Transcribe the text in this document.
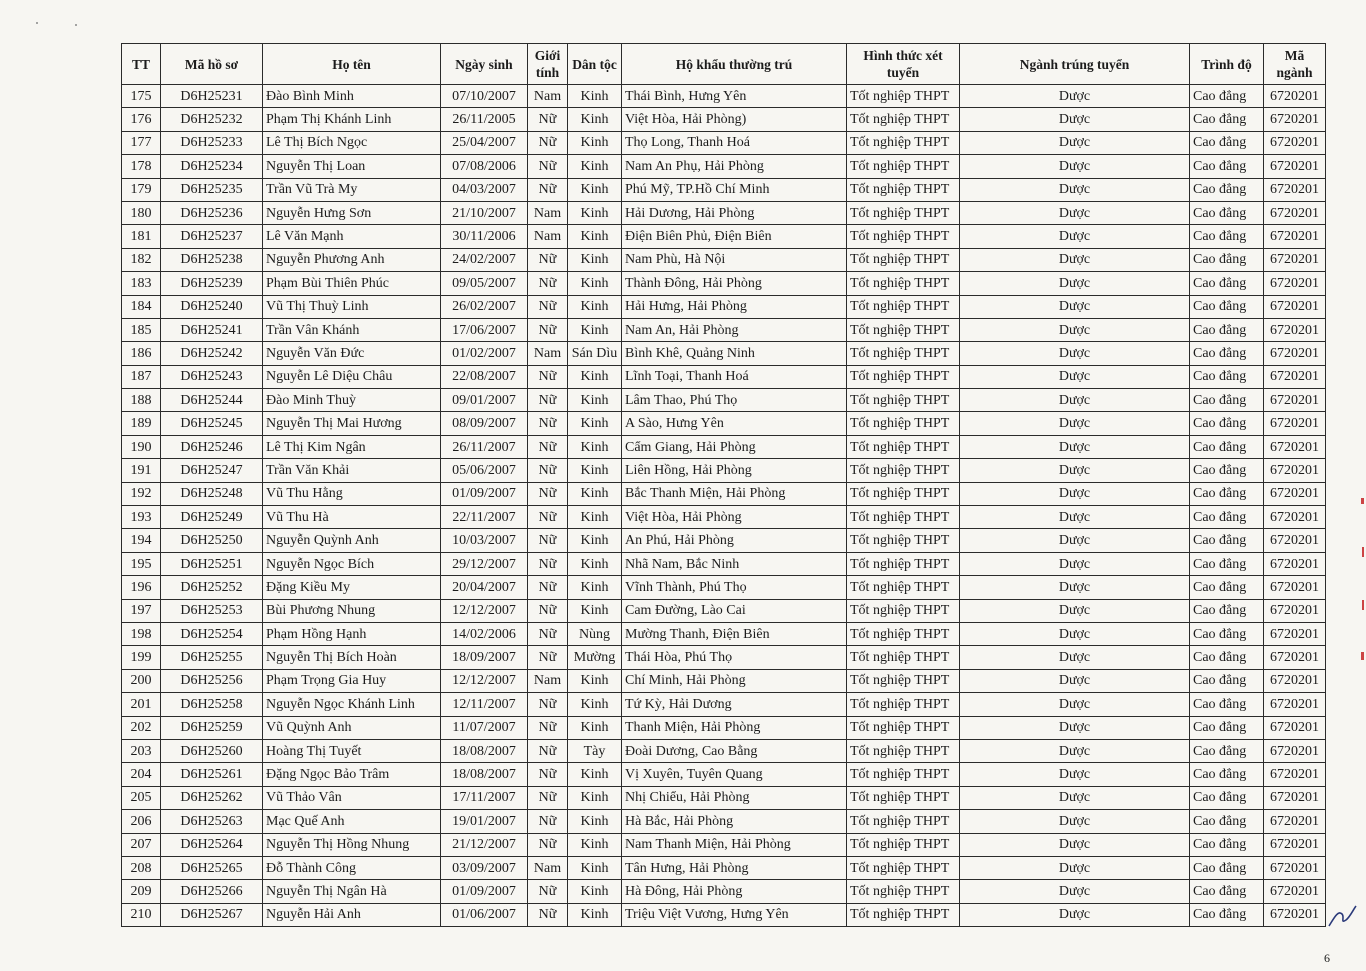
TT	Mã hồ sơ	Họ tên	Ngày sinh	Giới tính	Dân tộc	Hộ khẩu thường trú	Hình thức xét tuyển	Ngành trúng tuyển	Trình độ	Mã ngành
175	D6H25231	Đào Bình Minh	07/10/2007	Nam	Kinh	Thái Bình, Hưng Yên	Tốt nghiệp THPT	Dược	Cao đẳng	6720201
176	D6H25232	Phạm Thị Khánh Linh	26/11/2005	Nữ	Kinh	Việt Hòa, Hải Phòng)	Tốt nghiệp THPT	Dược	Cao đẳng	6720201
177	D6H25233	Lê Thị Bích Ngọc	25/04/2007	Nữ	Kinh	Thọ Long, Thanh Hoá	Tốt nghiệp THPT	Dược	Cao đẳng	6720201
178	D6H25234	Nguyễn Thị Loan	07/08/2006	Nữ	Kinh	Nam An Phụ, Hải Phòng	Tốt nghiệp THPT	Dược	Cao đẳng	6720201
179	D6H25235	Trần Vũ Trà My	04/03/2007	Nữ	Kinh	Phú Mỹ, TP.Hồ Chí Minh	Tốt nghiệp THPT	Dược	Cao đẳng	6720201
180	D6H25236	Nguyễn Hưng Sơn	21/10/2007	Nam	Kinh	Hải Dương, Hải Phòng	Tốt nghiệp THPT	Dược	Cao đẳng	6720201
181	D6H25237	Lê Văn Mạnh	30/11/2006	Nam	Kinh	Điện Biên Phủ, Điện Biên	Tốt nghiệp THPT	Dược	Cao đẳng	6720201
182	D6H25238	Nguyễn Phương Anh	24/02/2007	Nữ	Kinh	Nam Phù, Hà Nội	Tốt nghiệp THPT	Dược	Cao đẳng	6720201
183	D6H25239	Phạm Bùi Thiên Phúc	09/05/2007	Nữ	Kinh	Thành Đông, Hải Phòng	Tốt nghiệp THPT	Dược	Cao đẳng	6720201
184	D6H25240	Vũ Thị Thuỳ Linh	26/02/2007	Nữ	Kinh	Hải Hưng, Hải Phòng	Tốt nghiệp THPT	Dược	Cao đẳng	6720201
185	D6H25241	Trần Vân Khánh	17/06/2007	Nữ	Kinh	Nam An, Hải Phòng	Tốt nghiệp THPT	Dược	Cao đẳng	6720201
186	D6H25242	Nguyễn Văn Đức	01/02/2007	Nam	Sán Dìu	Bình Khê, Quảng Ninh	Tốt nghiệp THPT	Dược	Cao đẳng	6720201
187	D6H25243	Nguyễn Lê Diệu Châu	22/08/2007	Nữ	Kinh	Lĩnh Toại, Thanh Hoá	Tốt nghiệp THPT	Dược	Cao đẳng	6720201
188	D6H25244	Đào Minh Thuỳ	09/01/2007	Nữ	Kinh	Lâm Thao, Phú Thọ	Tốt nghiệp THPT	Dược	Cao đẳng	6720201
189	D6H25245	Nguyễn Thị Mai Hương	08/09/2007	Nữ	Kinh	A Sào, Hưng Yên	Tốt nghiệp THPT	Dược	Cao đẳng	6720201
190	D6H25246	Lê Thị Kim Ngân	26/11/2007	Nữ	Kinh	Cẩm Giang, Hải Phòng	Tốt nghiệp THPT	Dược	Cao đẳng	6720201
191	D6H25247	Trần Văn Khải	05/06/2007	Nữ	Kinh	Liên Hồng, Hải Phòng	Tốt nghiệp THPT	Dược	Cao đẳng	6720201
192	D6H25248	Vũ Thu Hằng	01/09/2007	Nữ	Kinh	Bắc Thanh Miện, Hải Phòng	Tốt nghiệp THPT	Dược	Cao đẳng	6720201
193	D6H25249	Vũ Thu Hà	22/11/2007	Nữ	Kinh	Việt Hòa, Hải Phòng	Tốt nghiệp THPT	Dược	Cao đẳng	6720201
194	D6H25250	Nguyễn Quỳnh Anh	10/03/2007	Nữ	Kinh	An Phú, Hải Phòng	Tốt nghiệp THPT	Dược	Cao đẳng	6720201
195	D6H25251	Nguyễn Ngọc Bích	29/12/2007	Nữ	Kinh	Nhã Nam, Bắc Ninh	Tốt nghiệp THPT	Dược	Cao đẳng	6720201
196	D6H25252	Đặng Kiều My	20/04/2007	Nữ	Kinh	Vĩnh Thành, Phú Thọ	Tốt nghiệp THPT	Dược	Cao đẳng	6720201
197	D6H25253	Bùi Phương Nhung	12/12/2007	Nữ	Kinh	Cam Đường, Lào Cai	Tốt nghiệp THPT	Dược	Cao đẳng	6720201
198	D6H25254	Phạm Hồng Hạnh	14/02/2006	Nữ	Nùng	Mường Thanh, Điện Biên	Tốt nghiệp THPT	Dược	Cao đẳng	6720201
199	D6H25255	Nguyễn Thị Bích Hoàn	18/09/2007	Nữ	Mường	Thái Hòa, Phú Thọ	Tốt nghiệp THPT	Dược	Cao đẳng	6720201
200	D6H25256	Phạm Trọng Gia Huy	12/12/2007	Nam	Kinh	Chí Minh, Hải Phòng	Tốt nghiệp THPT	Dược	Cao đẳng	6720201
201	D6H25258	Nguyễn Ngọc Khánh Linh	12/11/2007	Nữ	Kinh	Tứ Kỳ, Hải Dương	Tốt nghiệp THPT	Dược	Cao đẳng	6720201
202	D6H25259	Vũ Quỳnh Anh	11/07/2007	Nữ	Kinh	Thanh Miện, Hải Phòng	Tốt nghiệp THPT	Dược	Cao đẳng	6720201
203	D6H25260	Hoàng Thị Tuyết	18/08/2007	Nữ	Tày	Đoài Dương, Cao Bằng	Tốt nghiệp THPT	Dược	Cao đẳng	6720201
204	D6H25261	Đặng Ngọc Bảo Trâm	18/08/2007	Nữ	Kinh	Vị Xuyên, Tuyên Quang	Tốt nghiệp THPT	Dược	Cao đẳng	6720201
205	D6H25262	Vũ Thảo Vân	17/11/2007	Nữ	Kinh	Nhị Chiểu, Hải Phòng	Tốt nghiệp THPT	Dược	Cao đẳng	6720201
206	D6H25263	Mạc Quế Anh	19/01/2007	Nữ	Kinh	Hà Bắc, Hải Phòng	Tốt nghiệp THPT	Dược	Cao đẳng	6720201
207	D6H25264	Nguyễn Thị Hồng Nhung	21/12/2007	Nữ	Kinh	Nam Thanh Miện, Hải Phòng	Tốt nghiệp THPT	Dược	Cao đẳng	6720201
208	D6H25265	Đỗ Thành Công	03/09/2007	Nam	Kinh	Tân Hưng, Hải Phòng	Tốt nghiệp THPT	Dược	Cao đẳng	6720201
209	D6H25266	Nguyễn Thị Ngân Hà	01/09/2007	Nữ	Kinh	Hà Đông, Hải Phòng	Tốt nghiệp THPT	Dược	Cao đẳng	6720201
210	D6H25267	Nguyễn Hải Anh	01/06/2007	Nữ	Kinh	Triệu Việt Vương, Hưng Yên	Tốt nghiệp THPT	Dược	Cao đẳng	6720201
6
